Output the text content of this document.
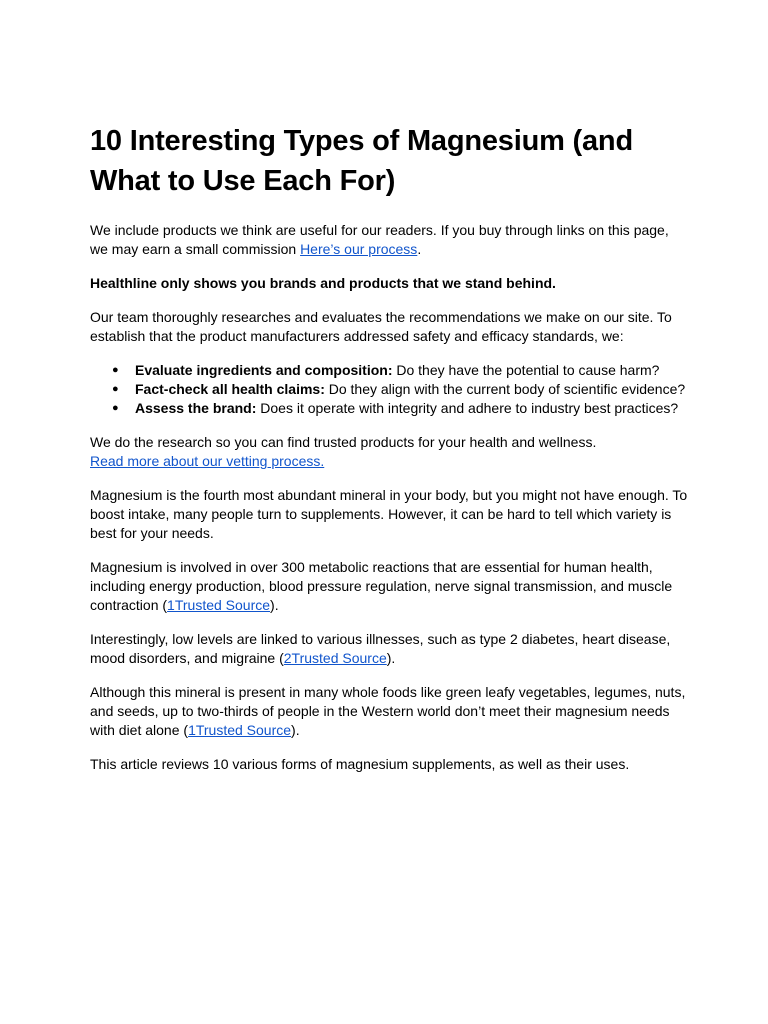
10 Interesting Types of Magnesium (and What to Use Each For)

We include products we think are useful for our readers. If you buy through links on this page, we may earn a small commission Here’s our process.

Healthline only shows you brands and products that we stand behind.

Our team thoroughly researches and evaluates the recommendations we make on our site. To establish that the product manufacturers addressed safety and efficacy standards, we:

● Evaluate ingredients and composition: Do they have the potential to cause harm?
● Fact-check all health claims: Do they align with the current body of scientific evidence?
● Assess the brand: Does it operate with integrity and adhere to industry best practices?

We do the research so you can find trusted products for your health and wellness.
Read more about our vetting process.

Magnesium is the fourth most abundant mineral in your body, but you might not have enough. To boost intake, many people turn to supplements. However, it can be hard to tell which variety is best for your needs.

Magnesium is involved in over 300 metabolic reactions that are essential for human health, including energy production, blood pressure regulation, nerve signal transmission, and muscle contraction (1Trusted Source).

Interestingly, low levels are linked to various illnesses, such as type 2 diabetes, heart disease, mood disorders, and migraine (2Trusted Source).

Although this mineral is present in many whole foods like green leafy vegetables, legumes, nuts, and seeds, up to two-thirds of people in the Western world don’t meet their magnesium needs with diet alone (1Trusted Source).

This article reviews 10 various forms of magnesium supplements, as well as their uses.
